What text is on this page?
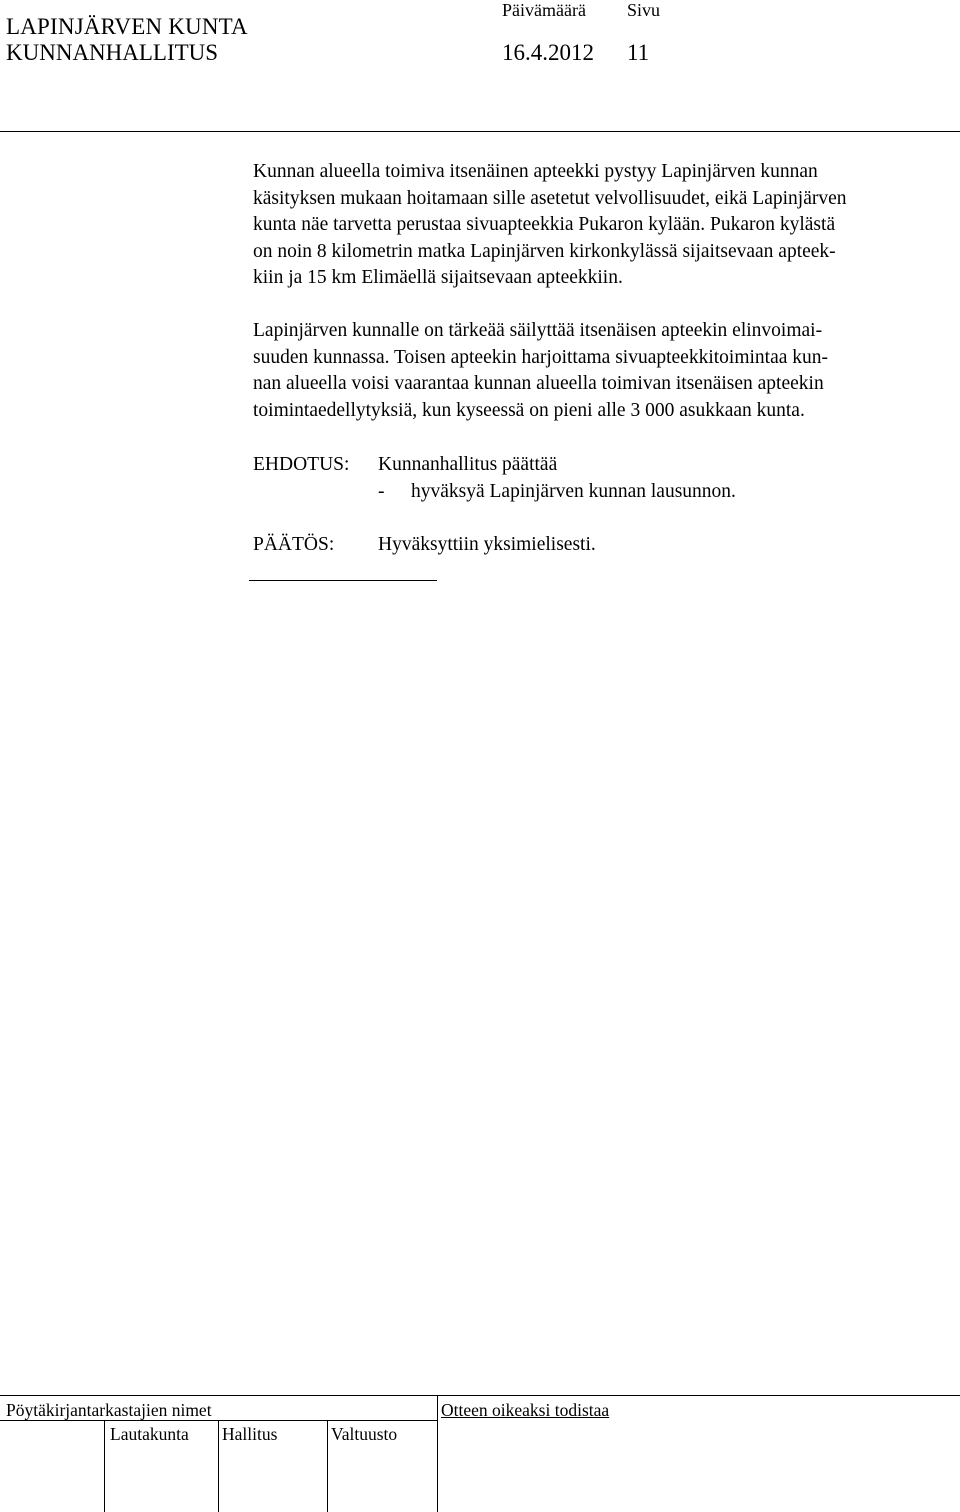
LAPINJÄRVEN KUNTA
KUNNANHALLITUS
Päivämäärä Sivu
16.4.2012 11
Kunnan alueella toimiva itsenäinen apteekki pystyy Lapinjärven kunnan
käsityksen mukaan hoitamaan sille asetetut velvollisuudet, eikä Lapinjärven
kunta näe tarvetta perustaa sivuapteekkia Pukaron kylään. Pukaron kylästä
on noin 8 kilometrin matka Lapinjärven kirkonkylässä sijaitsevaan apteek-
kiin ja 15 km Elimäellä sijaitsevaan apteekkiin.
Lapinjärven kunnalle on tärkeää säilyttää itsenäisen apteekin elinvoimai-
suuden kunnassa. Toisen apteekin harjoittama sivuapteekkitoimintaa kun-
nan alueella voisi vaarantaa kunnan alueella toimivan itsenäisen apteekin
toimintaedellytyksiä, kun kyseessä on pieni alle 3 000 asukkaan kunta.
EHDOTUS: Kunnanhallitus päättää
- hyväksyä Lapinjärven kunnan lausunnon.
PÄÄTÖS: Hyväksyttiin yksimielisesti.
Pöytäkirjantarkastajien nimet	Otteen oikeaksi todistaa
Lautakunta Hallitus	Valtuusto
